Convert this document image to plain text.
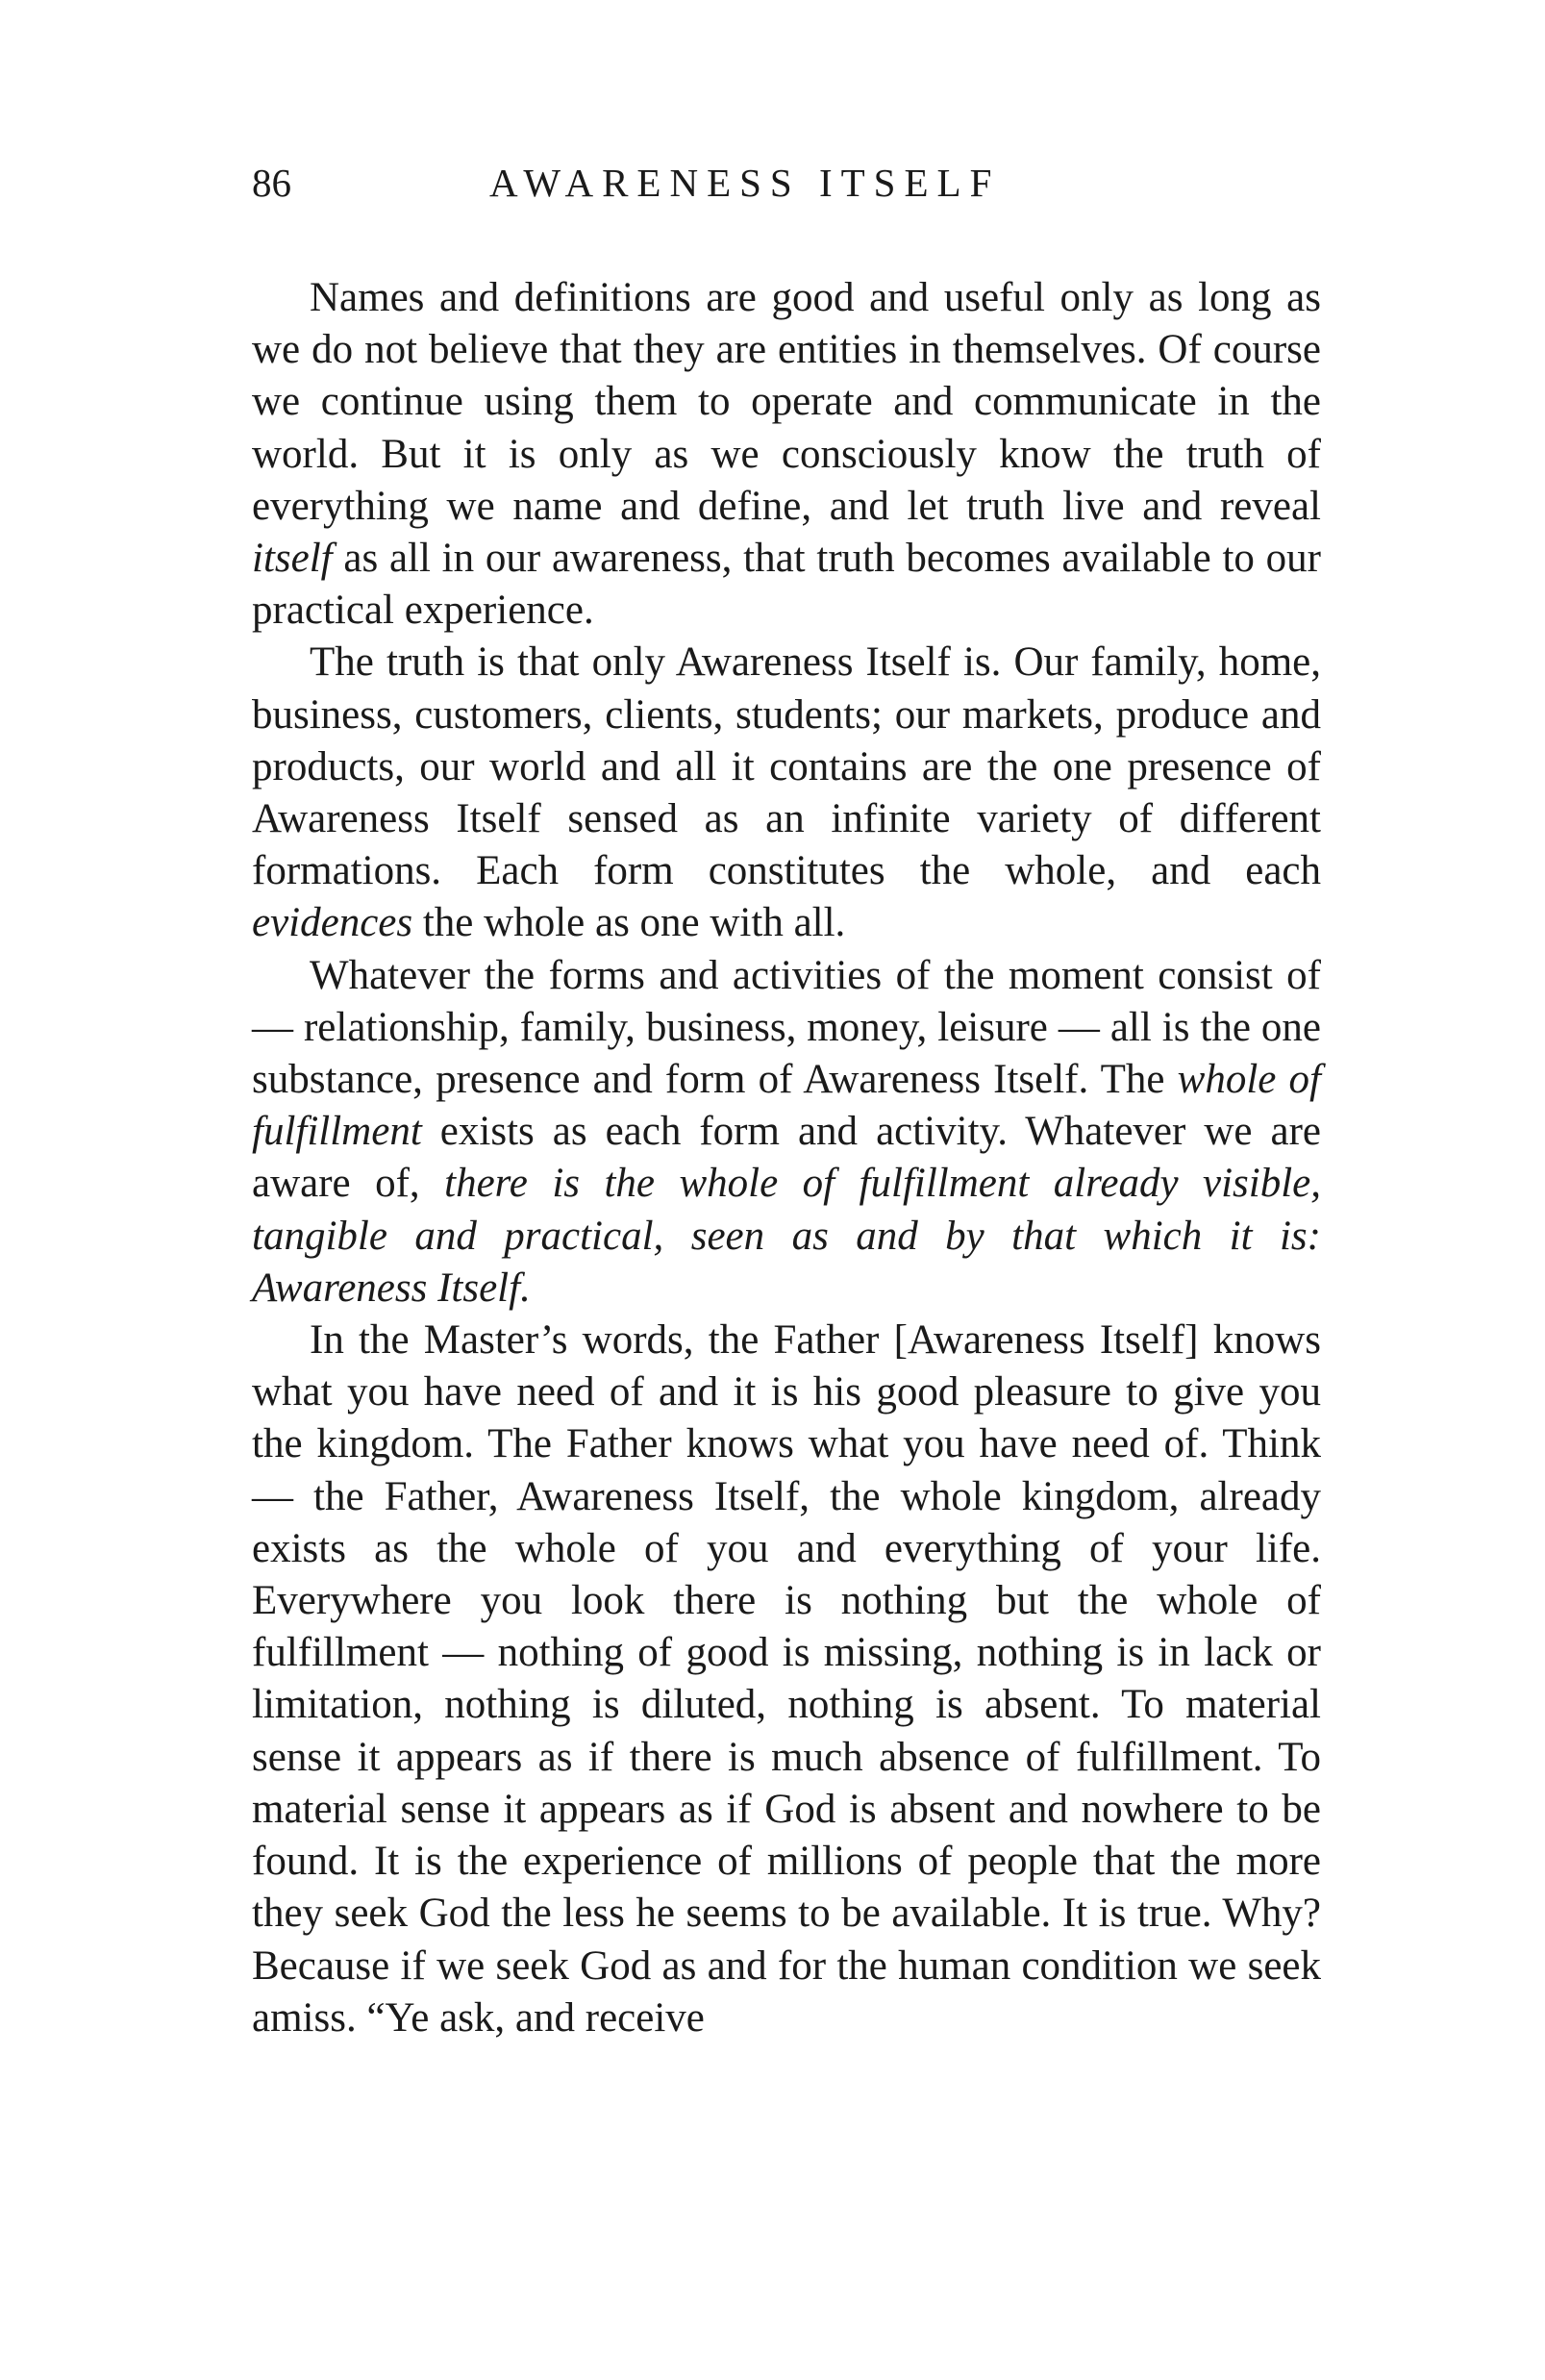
86	AWARENESS ITSELF

Names and definitions are good and useful only as long as we do not believe that they are entities in themselves. Of course we continue using them to operate and communicate in the world. But it is only as we consciously know the truth of everything we name and define, and let truth live and reveal itself as all in our awareness, that truth becomes available to our practical experience.

The truth is that only Awareness Itself is. Our family, home, business, customers, clients, students; our markets, produce and products, our world and all it contains are the one presence of Awareness Itself sensed as an infinite variety of different formations. Each form constitutes the whole, and each evidences the whole as one with all.

Whatever the forms and activities of the moment consist of — relationship, family, business, money, leisure — all is the one substance, presence and form of Awareness Itself. The whole of fulfillment exists as each form and activity. Whatever we are aware of, there is the whole of fulfillment already visible, tangible and practical, seen as and by that which it is: Awareness Itself.

In the Master’s words, the Father [Awareness Itself] knows what you have need of and it is his good pleasure to give you the kingdom. The Father knows what you have need of. Think — the Father, Awareness Itself, the whole kingdom, already exists as the whole of you and everything of your life. Everywhere you look there is nothing but the whole of fulfillment — nothing of good is missing, nothing is in lack or limitation, nothing is diluted, nothing is absent. To material sense it appears as if there is much absence of fulfillment. To material sense it appears as if God is absent and nowhere to be found. It is the experience of millions of people that the more they seek God the less he seems to be available. It is true. Why? Because if we seek God as and for the human condition we seek amiss. “Ye ask, and receive
